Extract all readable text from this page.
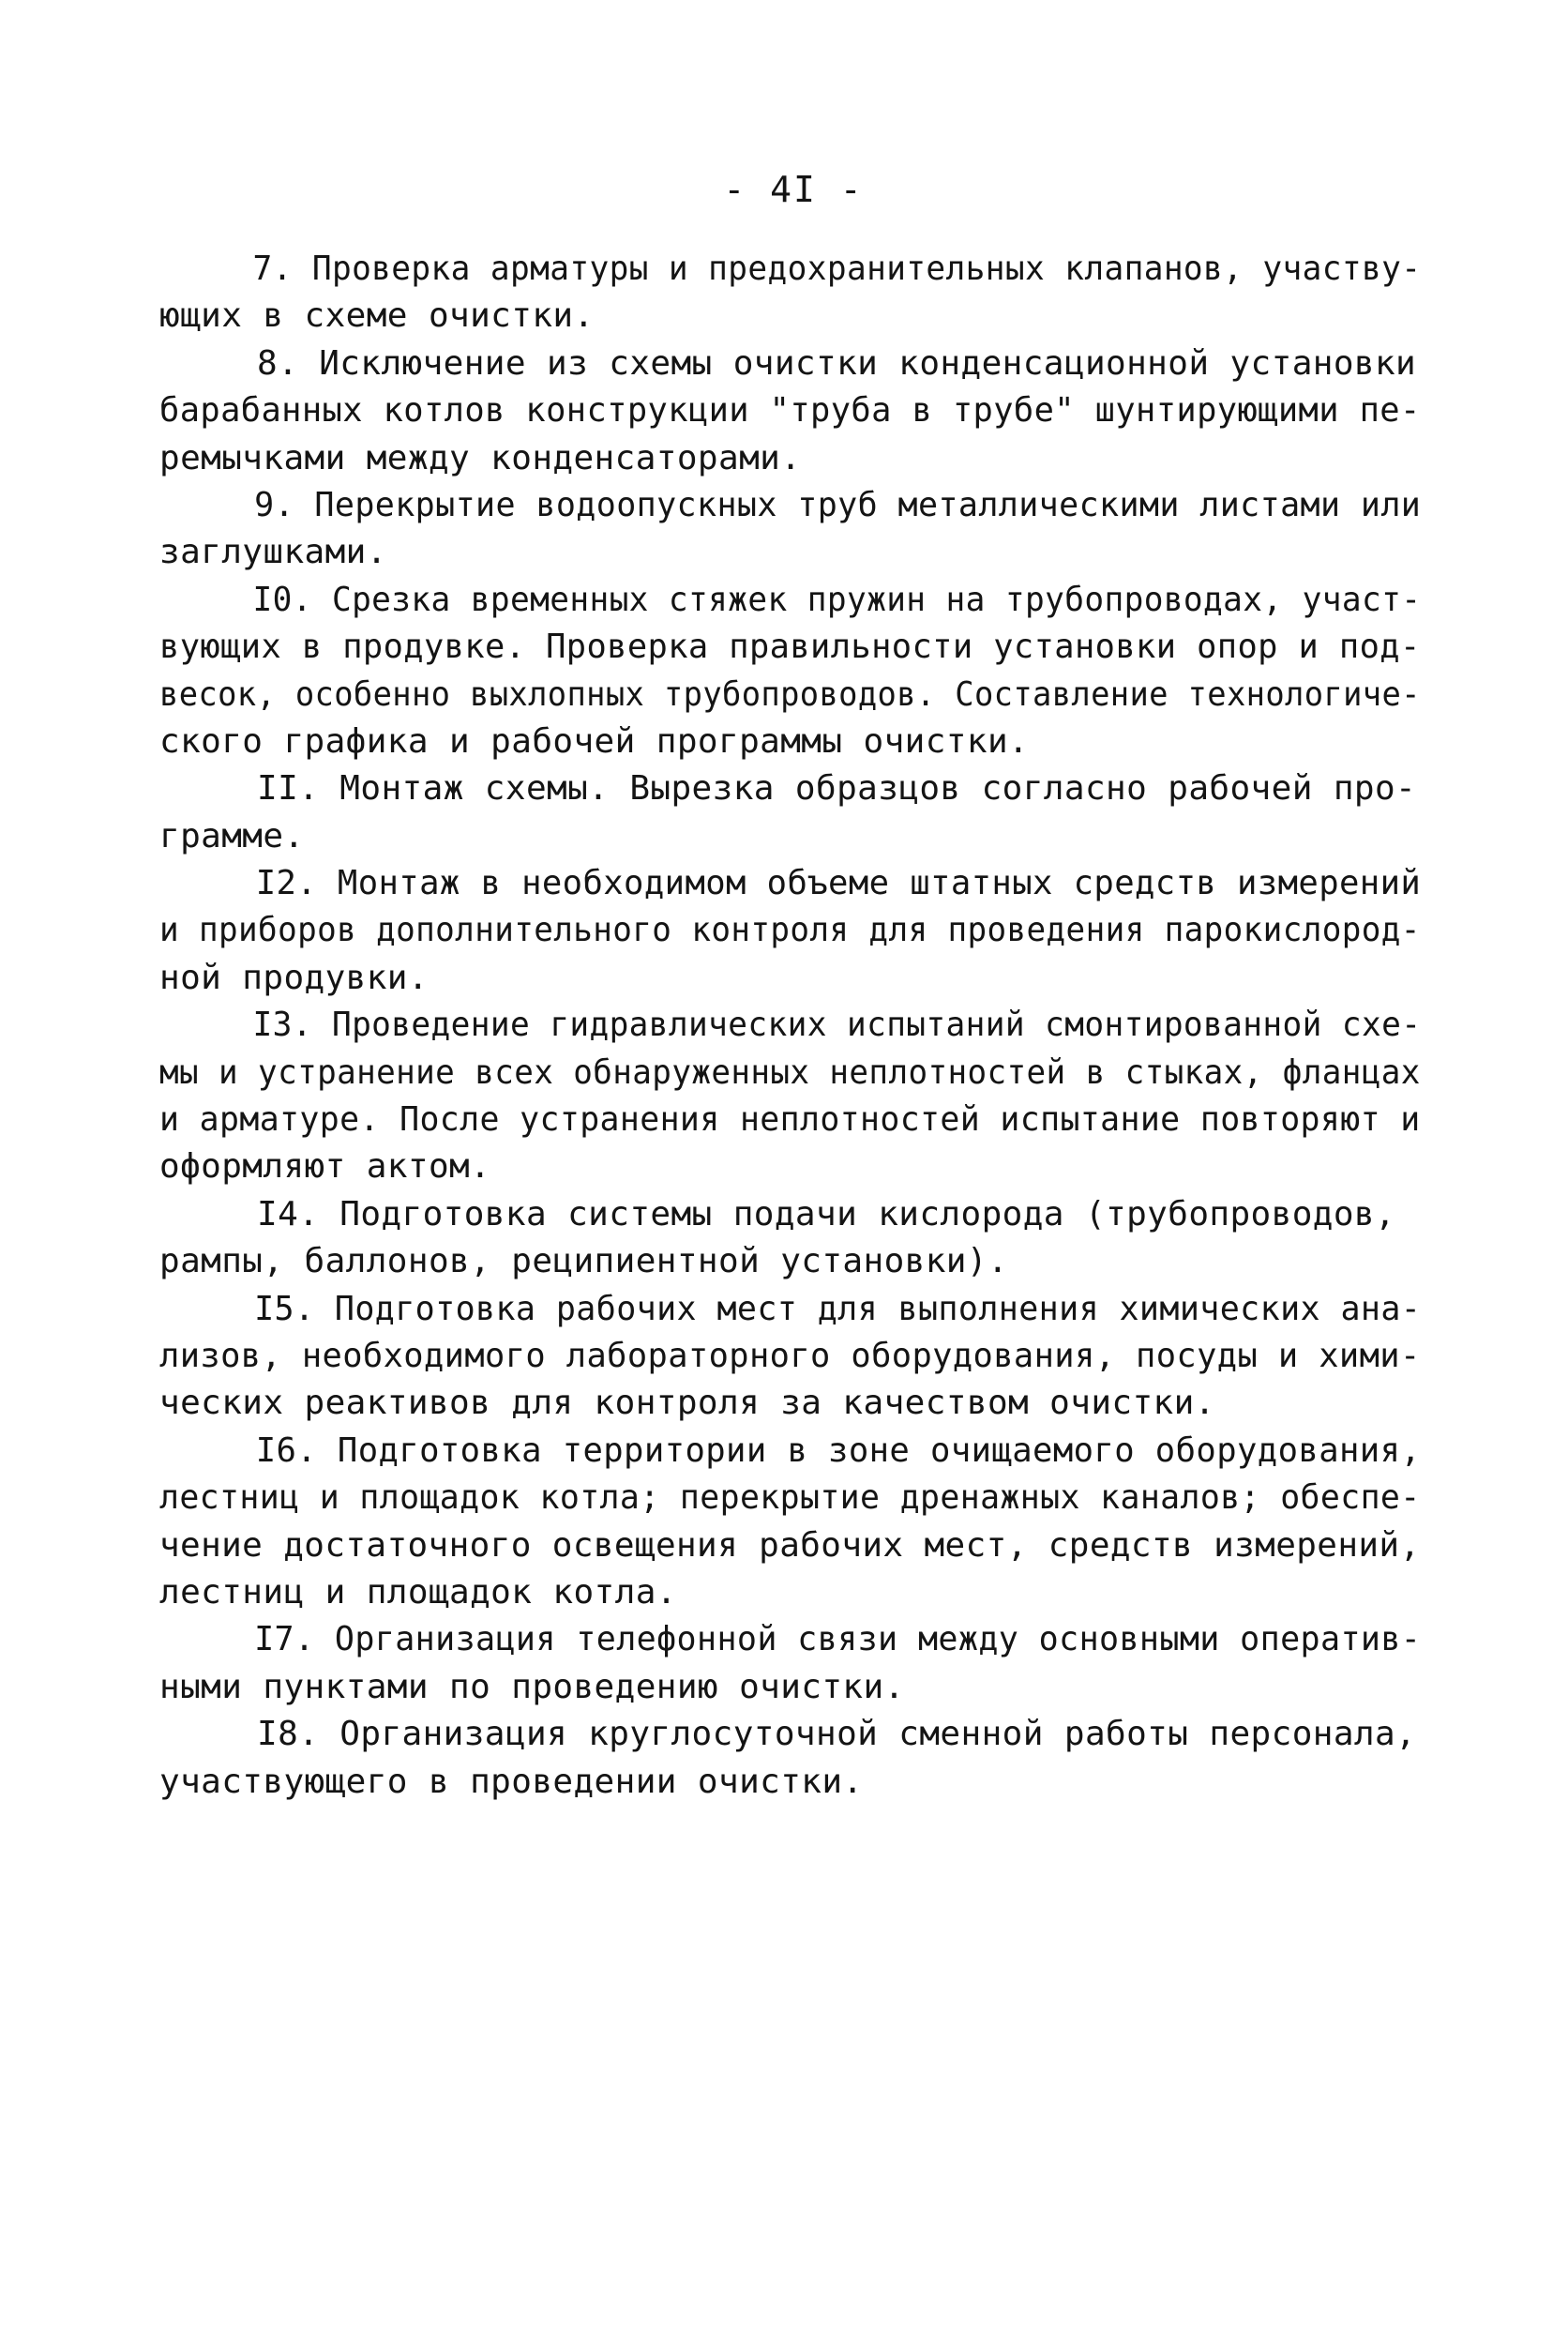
- 4I -
7. Проверка арматуры и предохранительных клапанов, участву-
ющих в схеме очистки.
8. Исключение из схемы очистки конденсационной установки
барабанных котлов конструкции "труба в трубе" шунтирующими пе-
ремычками между конденсаторами.
9. Перекрытие водоопускных труб металлическими листами или
заглушками.
I0. Срезка временных стяжек пружин на трубопроводах, участ-
вующих в продувке. Проверка правильности установки опор и под-
весок, особенно выхлопных трубопроводов. Составление технологиче-
ского графика и рабочей программы очистки.
II. Монтаж схемы. Вырезка образцов согласно рабочей про-
грамме.
I2. Монтаж в необходимом объеме штатных средств измерений
и приборов дополнительного контроля для проведения парокислород-
ной продувки.
I3. Проведение гидравлических испытаний смонтированной схе-
мы и устранение всех обнаруженных неплотностей в стыках, фланцах
и арматуре. После устранения неплотностей испытание повторяют и
оформляют актом.
I4. Подготовка системы подачи кислорода (трубопроводов,
рампы, баллонов, реципиентной установки).
I5. Подготовка рабочих мест для выполнения химических ана-
лизов, необходимого лабораторного оборудования, посуды и хими-
ческих реактивов для контроля за качеством очистки.
I6. Подготовка территории в зоне очищаемого оборудования,
лестниц и площадок котла; перекрытие дренажных каналов; обеспе-
чение достаточного освещения рабочих мест, средств измерений,
лестниц и площадок котла.
I7. Организация телефонной связи между основными оператив-
ными пунктами по проведению очистки.
I8. Организация круглосуточной сменной работы персонала,
участвующего в проведении очистки.
